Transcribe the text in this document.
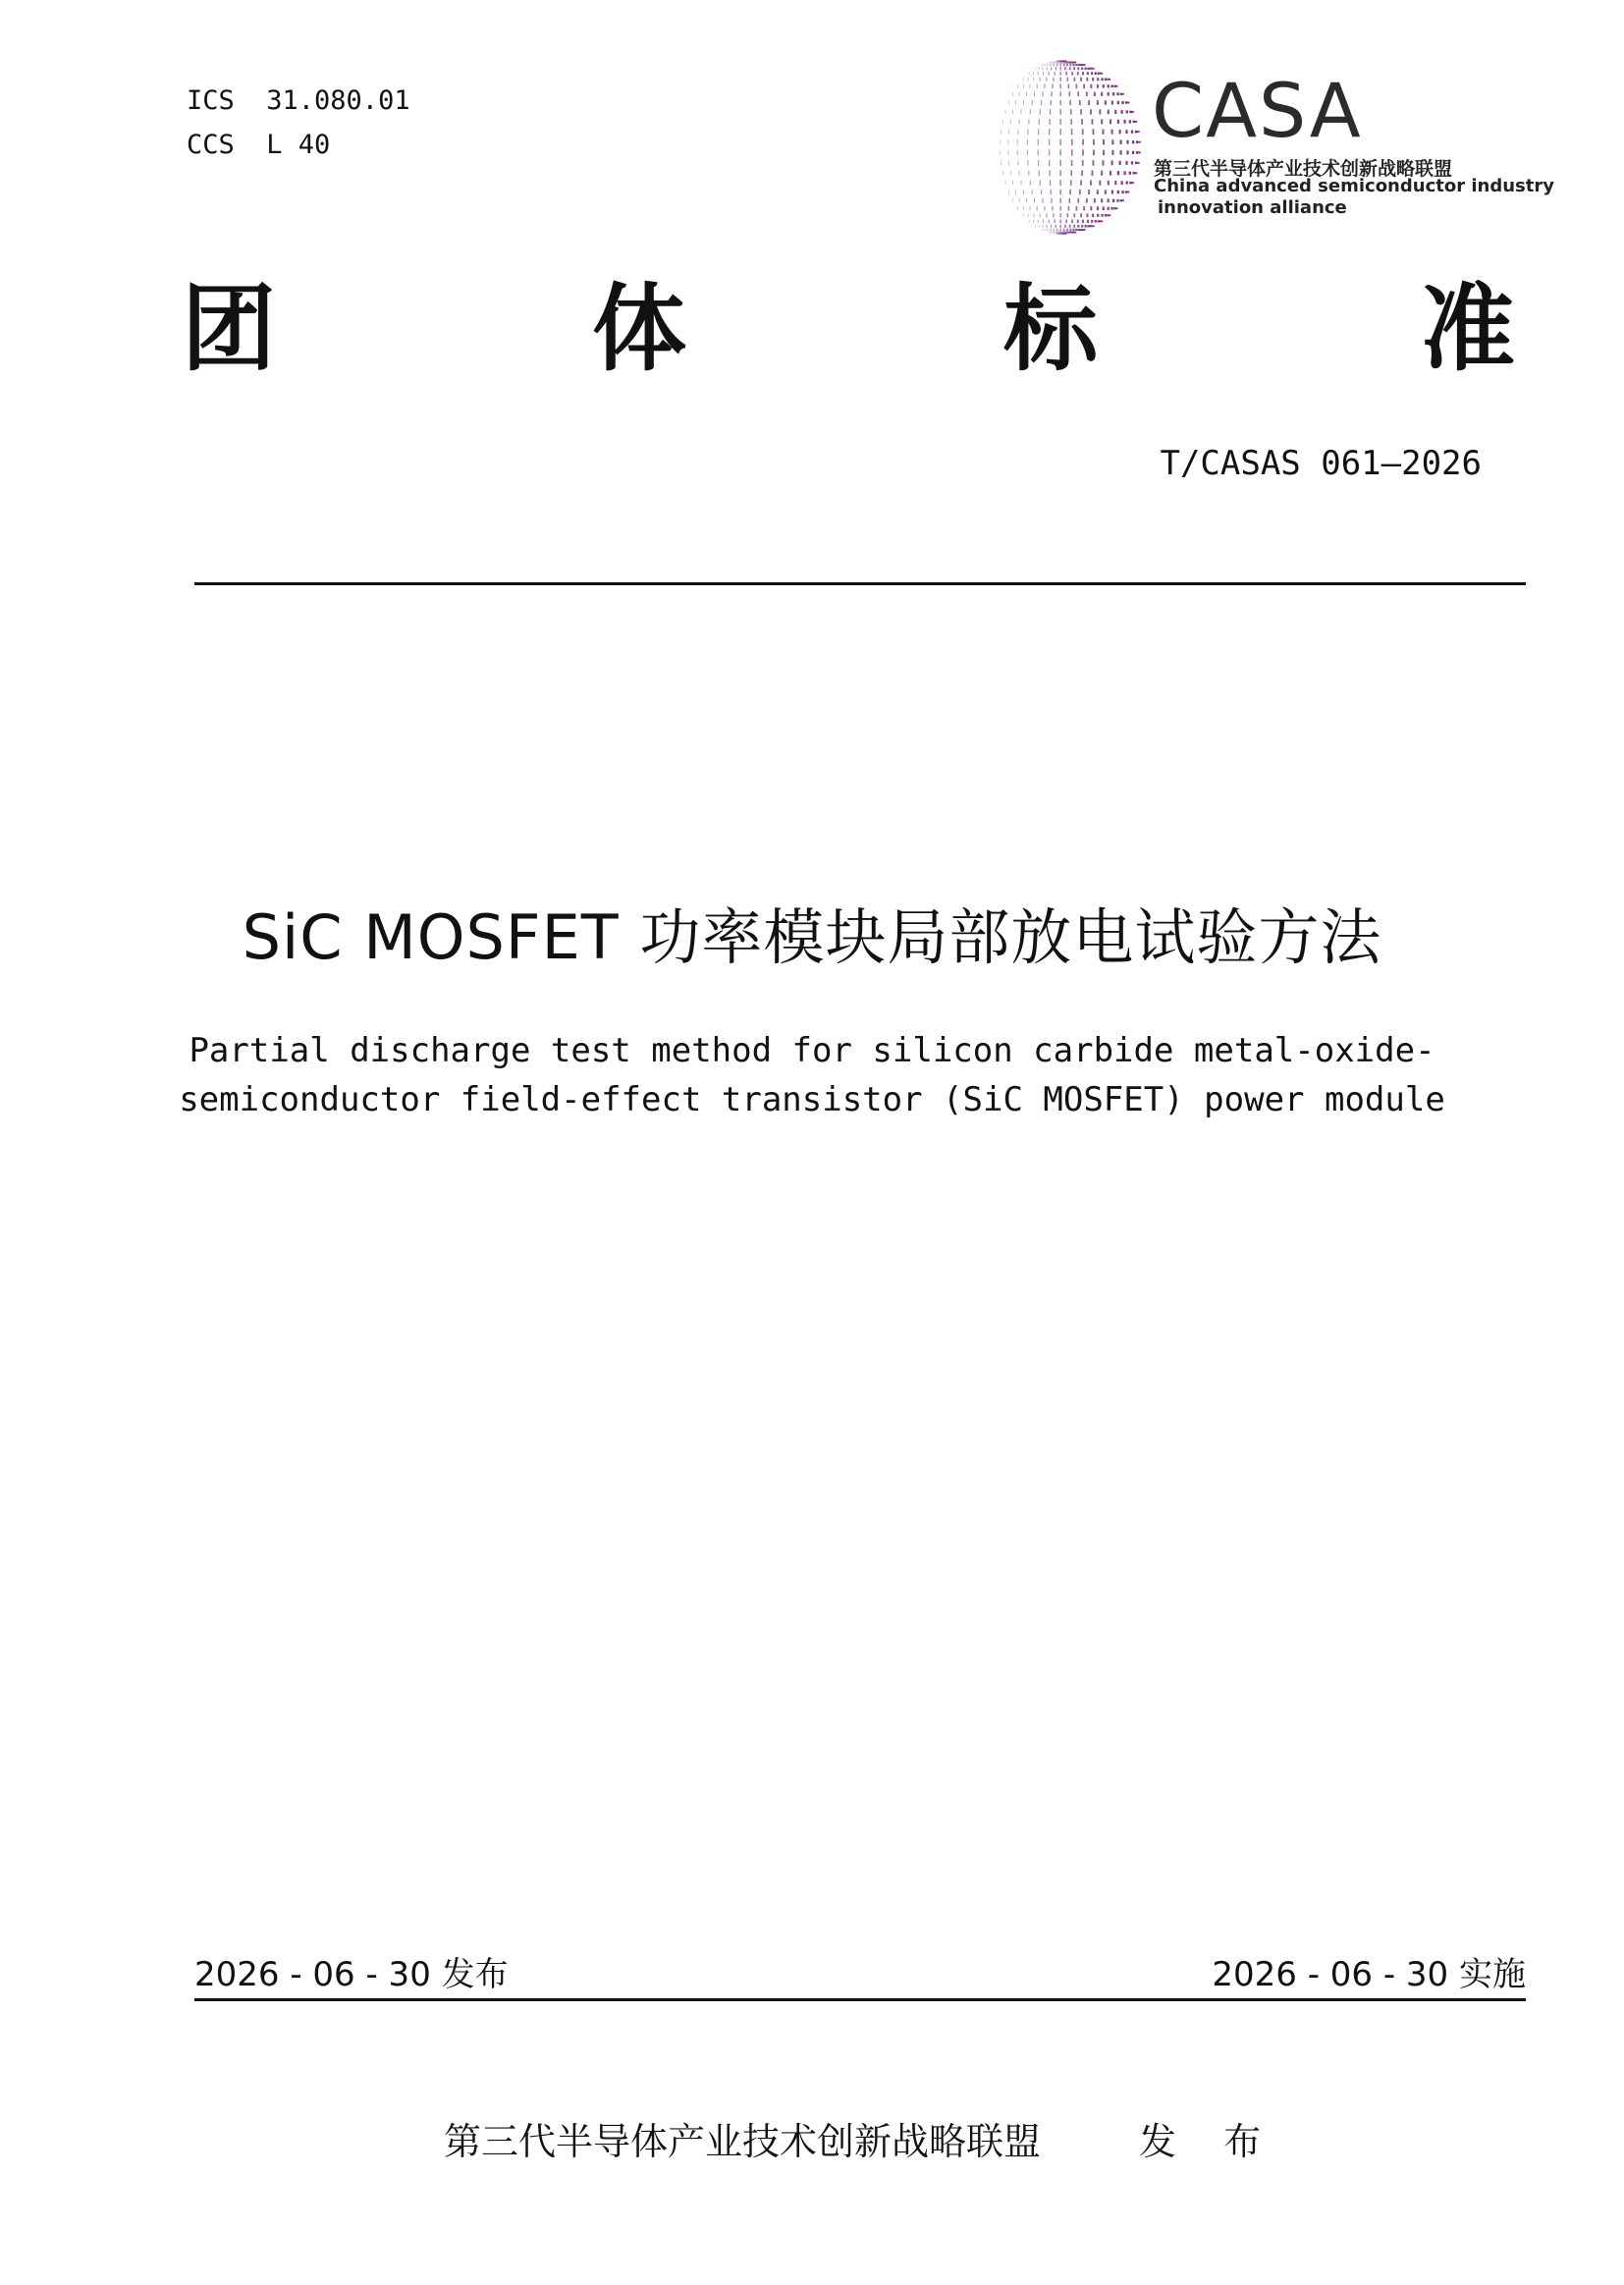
ICS  31.080.01
CCS  L 40	CASA
第三代半导体产业技术创新战略联盟
China advanced semiconductor industry
innovation alliance
团	体	标	准
T/CASAS 061—2026
SiC MOSFET 功率模块局部放电试验方法
Partial discharge test method for silicon carbide metal-oxide-
semiconductor field-effect transistor (SiC MOSFET) power module
2026 - 06 - 30 发布	2026 - 06 - 30 实施
第三代半导体产业技术创新战略联盟	发 布
